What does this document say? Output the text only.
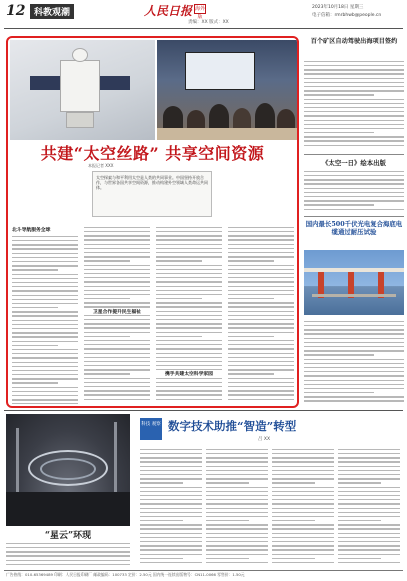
12 科教观潮	人民日报 海外版
2023年10月18日 星期三
电子信箱：rmrbhwb@people.cn
责编：XX 版式：XX
共建“太空丝路” 共享空间资源
本报记者 XXX
太空探索与和平利用太空是人类的共同事业。中国坚持开放合作，与世界各国共享空间资源，推动构建外空领域人类命运共同体。
北斗导航服务全球
卫星合作提升民生福祉
携手共建太空科学家园
百个矿区自动驾驶出海项目签约
《太空一日》绘本出版
国内最长500千伏光电复合海底电缆通过耐压试验
“星云”环现
科技 观察 数字技术助推“智造”转型
吕 XX
广告热线：010-65369489 印刷：人民日报印刷厂 邮政编码：100733 定价：2.50元 国内统一连续出版物号：CN11-0066 零售价：1.50元
